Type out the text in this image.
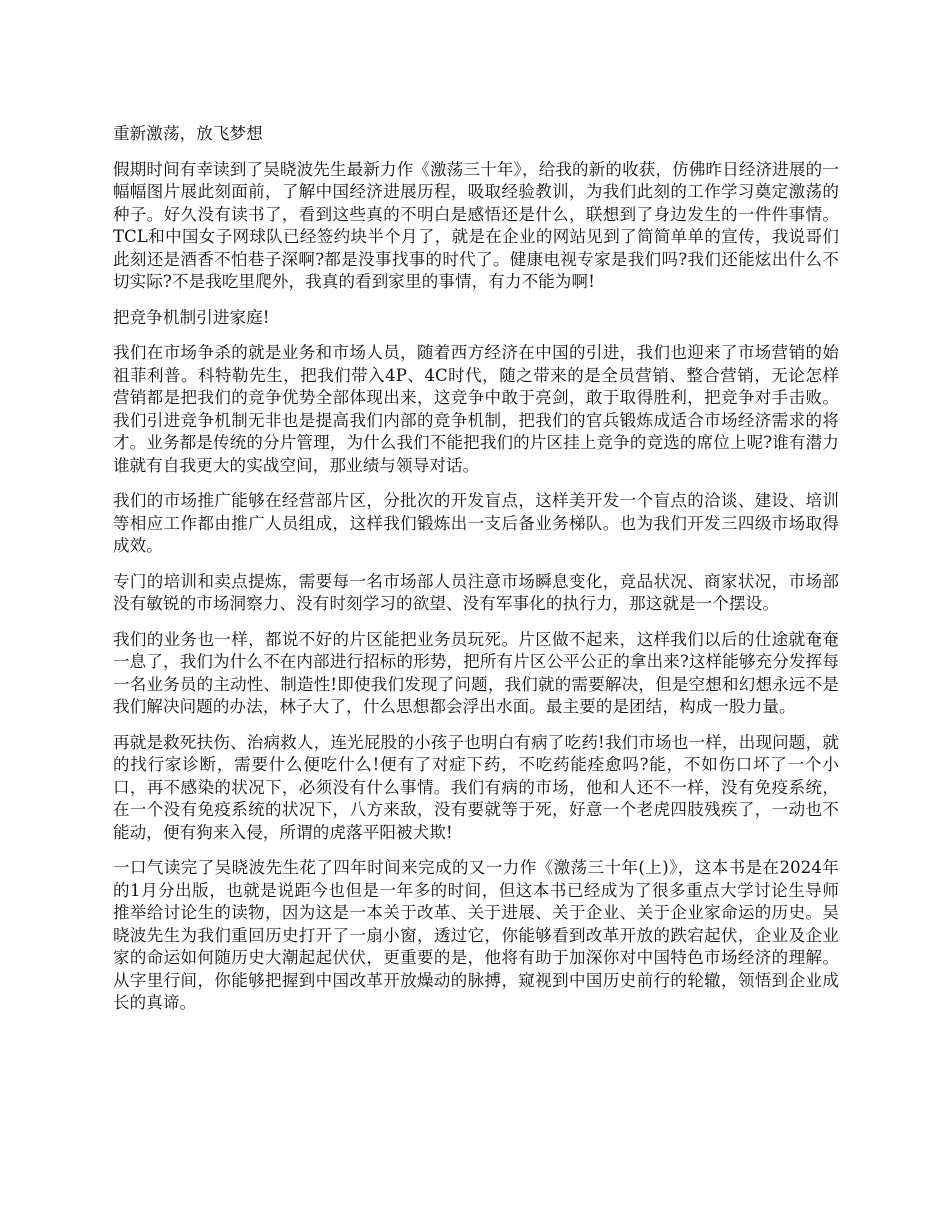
重新激荡，放飞梦想

假期时间有幸读到了吴晓波先生最新力作《激荡三十年》，给我的新的收获，仿佛昨日经济进展的一幅幅图片展此刻面前，了解中国经济进展历程，吸取经验教训，为我们此刻的工作学习奠定激荡的种子。好久没有读书了，看到这些真的不明白是感悟还是什么，联想到了身边发生的一件件事情。TCL和中国女子网球队已经签约块半个月了，就是在企业的网站见到了简简单单的宣传，我说哥们此刻还是酒香不怕巷子深啊?都是没事找事的时代了。健康电视专家是我们吗?我们还能炫出什么不切实际?不是我吃里爬外，我真的看到家里的事情，有力不能为啊!

把竞争机制引进家庭!

我们在市场争杀的就是业务和市场人员，随着西方经济在中国的引进，我们也迎来了市场营销的始祖菲利普。科特勒先生，把我们带入4P、4C时代，随之带来的是全员营销、整合营销，无论怎样营销都是把我们的竞争优势全部体现出来，这竞争中敢于亮剑，敢于取得胜利，把竞争对手击败。我们引进竞争机制无非也是提高我们内部的竞争机制，把我们的官兵锻炼成适合市场经济需求的将才。业务都是传统的分片管理，为什么我们不能把我们的片区挂上竞争的竞选的席位上呢?谁有潜力谁就有自我更大的实战空间，那业绩与领导对话。

我们的市场推广能够在经营部片区，分批次的开发盲点，这样美开发一个盲点的洽谈、建设、培训等相应工作都由推广人员组成，这样我们锻炼出一支后备业务梯队。也为我们开发三四级市场取得成效。

专门的培训和卖点提炼，需要每一名市场部人员注意市场瞬息变化，竞品状况、商家状况，市场部没有敏锐的市场洞察力、没有时刻学习的欲望、没有军事化的执行力，那这就是一个摆设。

我们的业务也一样，都说不好的片区能把业务员玩死。片区做不起来，这样我们以后的仕途就奄奄一息了，我们为什么不在内部进行招标的形势，把所有片区公平公正的拿出来?这样能够充分发挥每一名业务员的主动性、制造性!即使我们发现了问题，我们就的需要解决，但是空想和幻想永远不是我们解决问题的办法，林子大了，什么思想都会浮出水面。最主要的是团结，构成一股力量。

再就是救死扶伤、治病救人，连光屁股的小孩子也明白有病了吃药!我们市场也一样，出现问题，就的找行家诊断，需要什么便吃什么!便有了对症下药，不吃药能痊愈吗?能，不如伤口坏了一个小口，再不感染的状况下，必须没有什么事情。我们有病的市场，他和人还不一样，没有免疫系统，在一个没有免疫系统的状况下，八方来敌，没有要就等于死，好意一个老虎四肢残疾了，一动也不能动，便有狗来入侵，所谓的虎落平阳被犬欺!

一口气读完了吴晓波先生花了四年时间来完成的又一力作《激荡三十年(上)》，这本书是在2024年的1月分出版，也就是说距今也但是一年多的时间，但这本书已经成为了很多重点大学讨论生导师推举给讨论生的读物，因为这是一本关于改革、关于进展、关于企业、关于企业家命运的历史。吴晓波先生为我们重回历史打开了一扇小窗，透过它，你能够看到改革开放的跌宕起伏，企业及企业家的命运如何随历史大潮起起伏伏，更重要的是，他将有助于加深你对中国特色市场经济的理解。从字里行间，你能够把握到中国改革开放燥动的脉搏，窥视到中国历史前行的轮辙，领悟到企业成长的真谛。
